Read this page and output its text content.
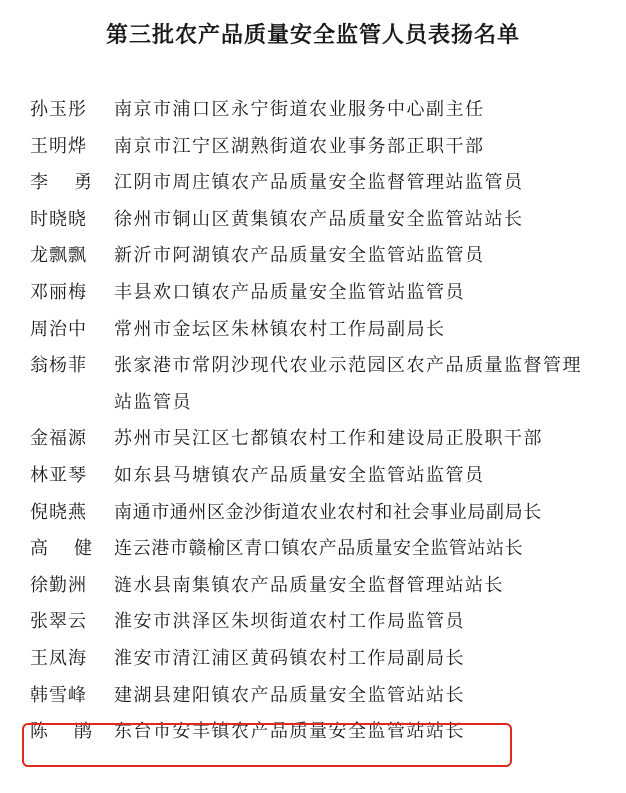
第三批农产品质量安全监管人员表扬名单
孙玉彤	南京市浦口区永宁街道农业服务中心副主任
王明烨	南京市江宁区湖熟街道农业事务部正职干部
李 勇 江阴市周庄镇农产品质量安全监督管理站监管员
时晓晓	徐州市铜山区黄集镇农产品质量安全监管站站长
龙飘飘	新沂市阿湖镇农产品质量安全监管站监管员
邓丽梅	丰县欢口镇农产品质量安全监管站监管员
周治中	常州市金坛区朱林镇农村工作局副局长
翁杨菲	张家港市常阴沙现代农业示范园区农产品质量监督管理站监管员
金福源	苏州市吴江区七都镇农村工作和建设局正股职干部
林亚琴	如东县马塘镇农产品质量安全监管站监管员
倪晓燕	南通市通州区金沙街道农业农村和社会事业局副局长
高 健 连云港市赣榆区青口镇农产品质量安全监管站站长
徐勤洲	涟水县南集镇农产品质量安全监督管理站站长
张翠云	淮安市洪泽区朱坝街道农村工作局监管员
王凤海	淮安市清江浦区黄码镇农村工作局副局长
韩雪峰	建湖县建阳镇农产品质量安全监管站站长
陈 鹃 东台市安丰镇农产品质量安全监管站站长
